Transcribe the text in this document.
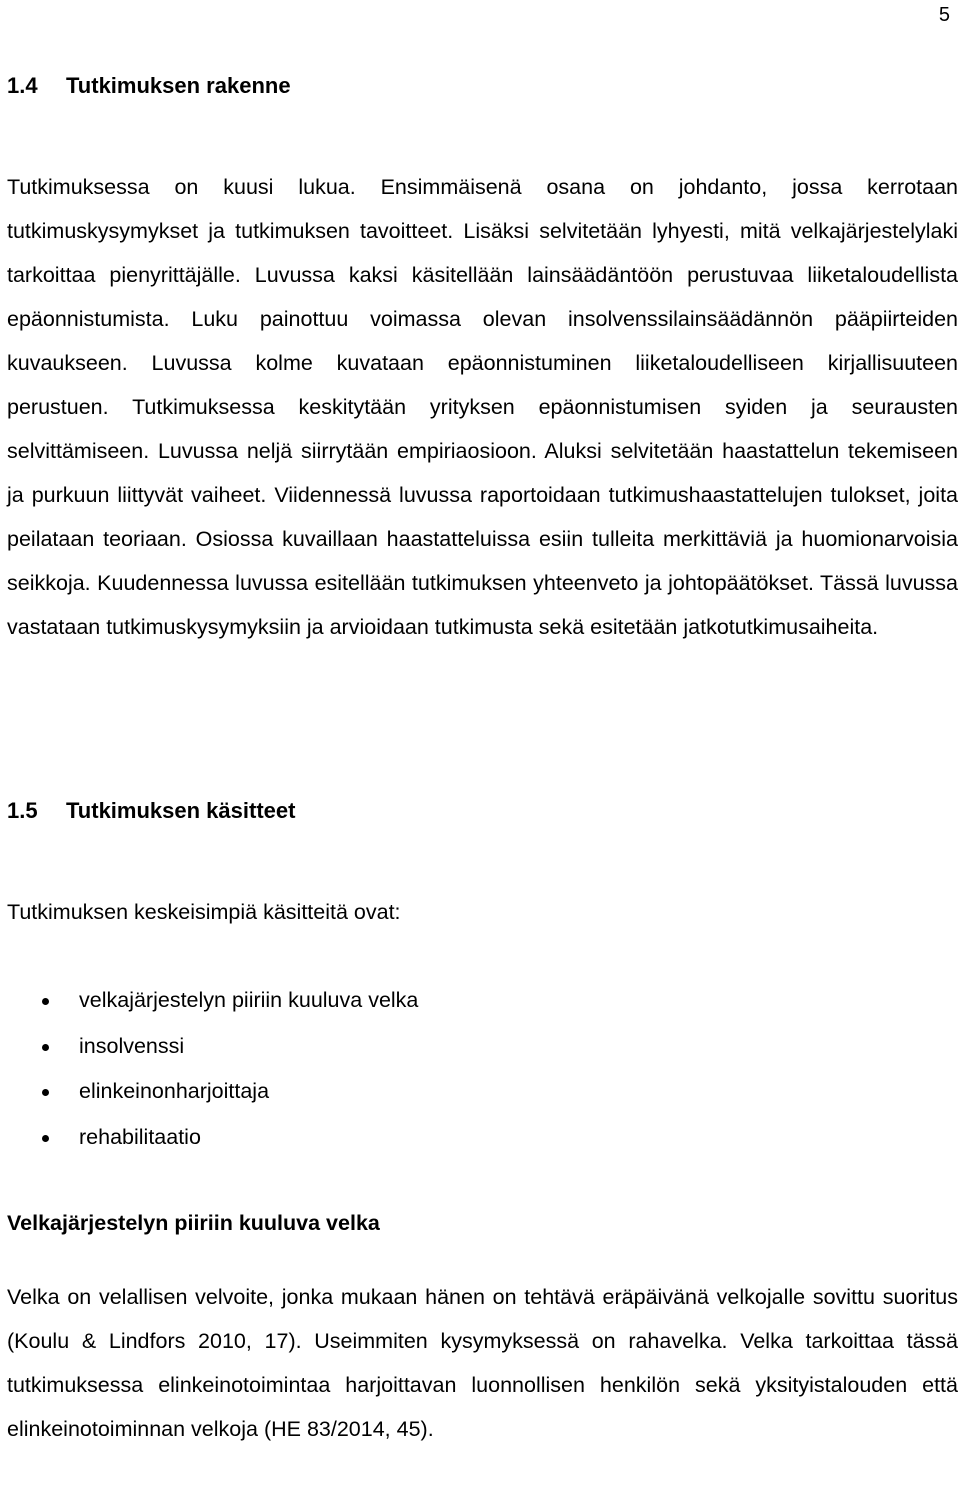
5
1.4 Tutkimuksen rakenne

Tutkimuksessa on kuusi lukua. Ensimmäisenä osana on johdanto, jossa kerrotaan tutkimuskysymykset ja tutkimuksen tavoitteet. Lisäksi selvitetään lyhyesti, mitä velkajärjestelylaki tarkoittaa pienyrittäjälle. Luvussa kaksi käsitellään lainsäädäntöön perustuvaa liiketaloudellista epäonnistumista. Luku painottuu voimassa olevan insolvenssilainsäädännön pääpiirteiden kuvaukseen. Luvussa kolme kuvataan epäonnistuminen liiketaloudelliseen kirjallisuuteen perustuen. Tutkimuksessa keskitytään yrityksen epäonnistumisen syiden ja seurausten selvittämiseen. Luvussa neljä siirrytään empiriaosioon. Aluksi selvitetään haastattelun tekemiseen ja purkuun liittyvät vaiheet. Viidennessä luvussa raportoidaan tutkimushaastattelujen tulokset, joita peilataan teoriaan. Osiossa kuvaillaan haastatteluissa esiin tulleita merkittäviä ja huomionarvoisia seikkoja. Kuudennessa luvussa esitellään tutkimuksen yhteenveto ja johtopäätökset. Tässä luvussa vastataan tutkimuskysymyksiin ja arvioidaan tutkimusta sekä esitetään jatkotutkimusaiheita.

1.5 Tutkimuksen käsitteet

Tutkimuksen keskeisimpiä käsitteitä ovat:

velkajärjestelyn piiriin kuuluva velka
insolvenssi
elinkeinonharjoittaja
rehabilitaatio
Velkajärjestelyn piiriin kuuluva velka

Velka on velallisen velvoite, jonka mukaan hänen on tehtävä eräpäivänä velkojalle sovittu suoritus (Koulu & Lindfors 2010, 17). Useimmiten kysymyksessä on rahavelka. Velka tarkoittaa tässä tutkimuksessa elinkeinotoimintaa harjoittavan luonnollisen henkilön sekä yksityistalouden että elinkeinotoiminnan velkoja (HE 83/2014, 45).
